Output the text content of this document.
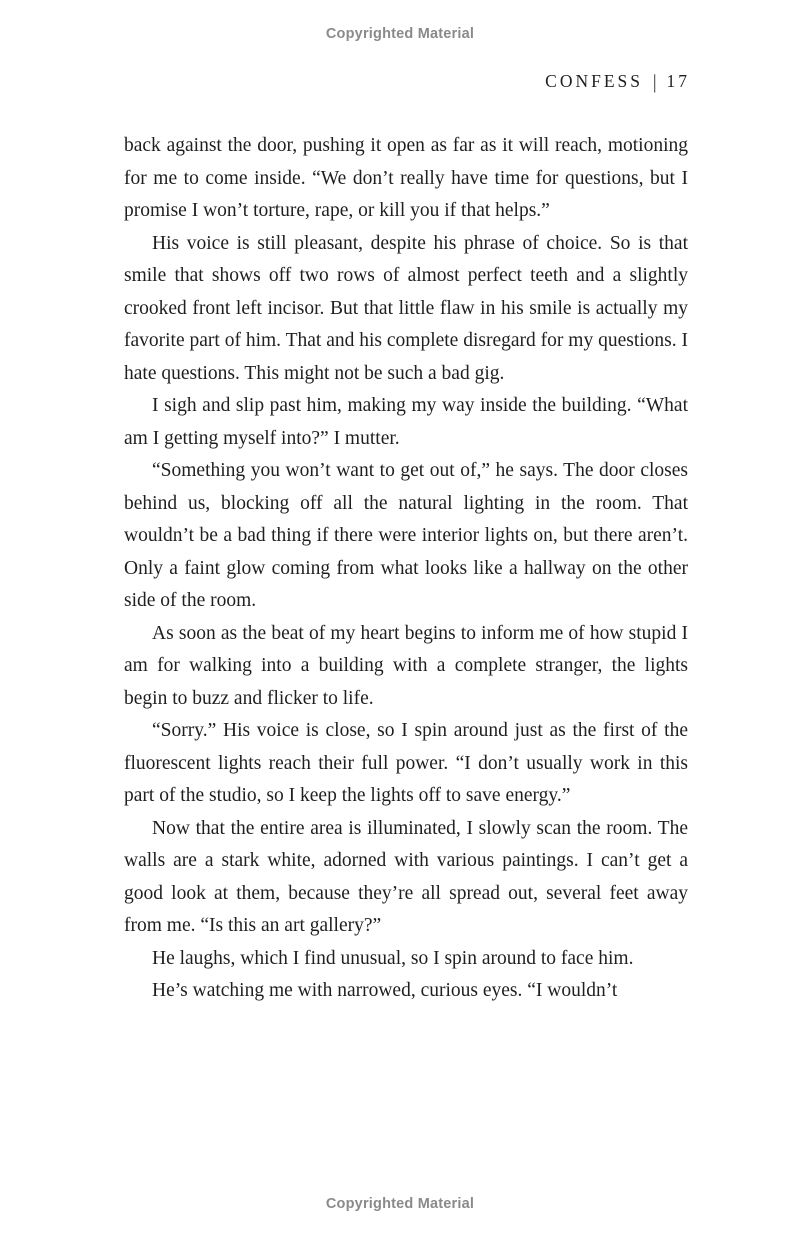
Copyrighted Material
CONFESS | 17

back against the door, pushing it open as far as it will reach, motioning for me to come inside. “We don’t really have time for questions, but I promise I won’t torture, rape, or kill you if that helps.”

His voice is still pleasant, despite his phrase of choice. So is that smile that shows off two rows of almost perfect teeth and a slightly crooked front left incisor. But that little flaw in his smile is actually my favorite part of him. That and his complete disregard for my questions. I hate questions. This might not be such a bad gig.

I sigh and slip past him, making my way inside the building. “What am I getting myself into?” I mutter.

“Something you won’t want to get out of,” he says. The door closes behind us, blocking off all the natural lighting in the room. That wouldn’t be a bad thing if there were interior lights on, but there aren’t. Only a faint glow coming from what looks like a hallway on the other side of the room.

As soon as the beat of my heart begins to inform me of how stupid I am for walking into a building with a complete stranger, the lights begin to buzz and flicker to life.

“Sorry.” His voice is close, so I spin around just as the first of the fluorescent lights reach their full power. “I don’t usually work in this part of the studio, so I keep the lights off to save energy.”

Now that the entire area is illuminated, I slowly scan the room. The walls are a stark white, adorned with various paintings. I can’t get a good look at them, because they’re all spread out, several feet away from me. “Is this an art gallery?”

He laughs, which I find unusual, so I spin around to face him.

He’s watching me with narrowed, curious eyes. “I wouldn’t

Copyrighted Material
